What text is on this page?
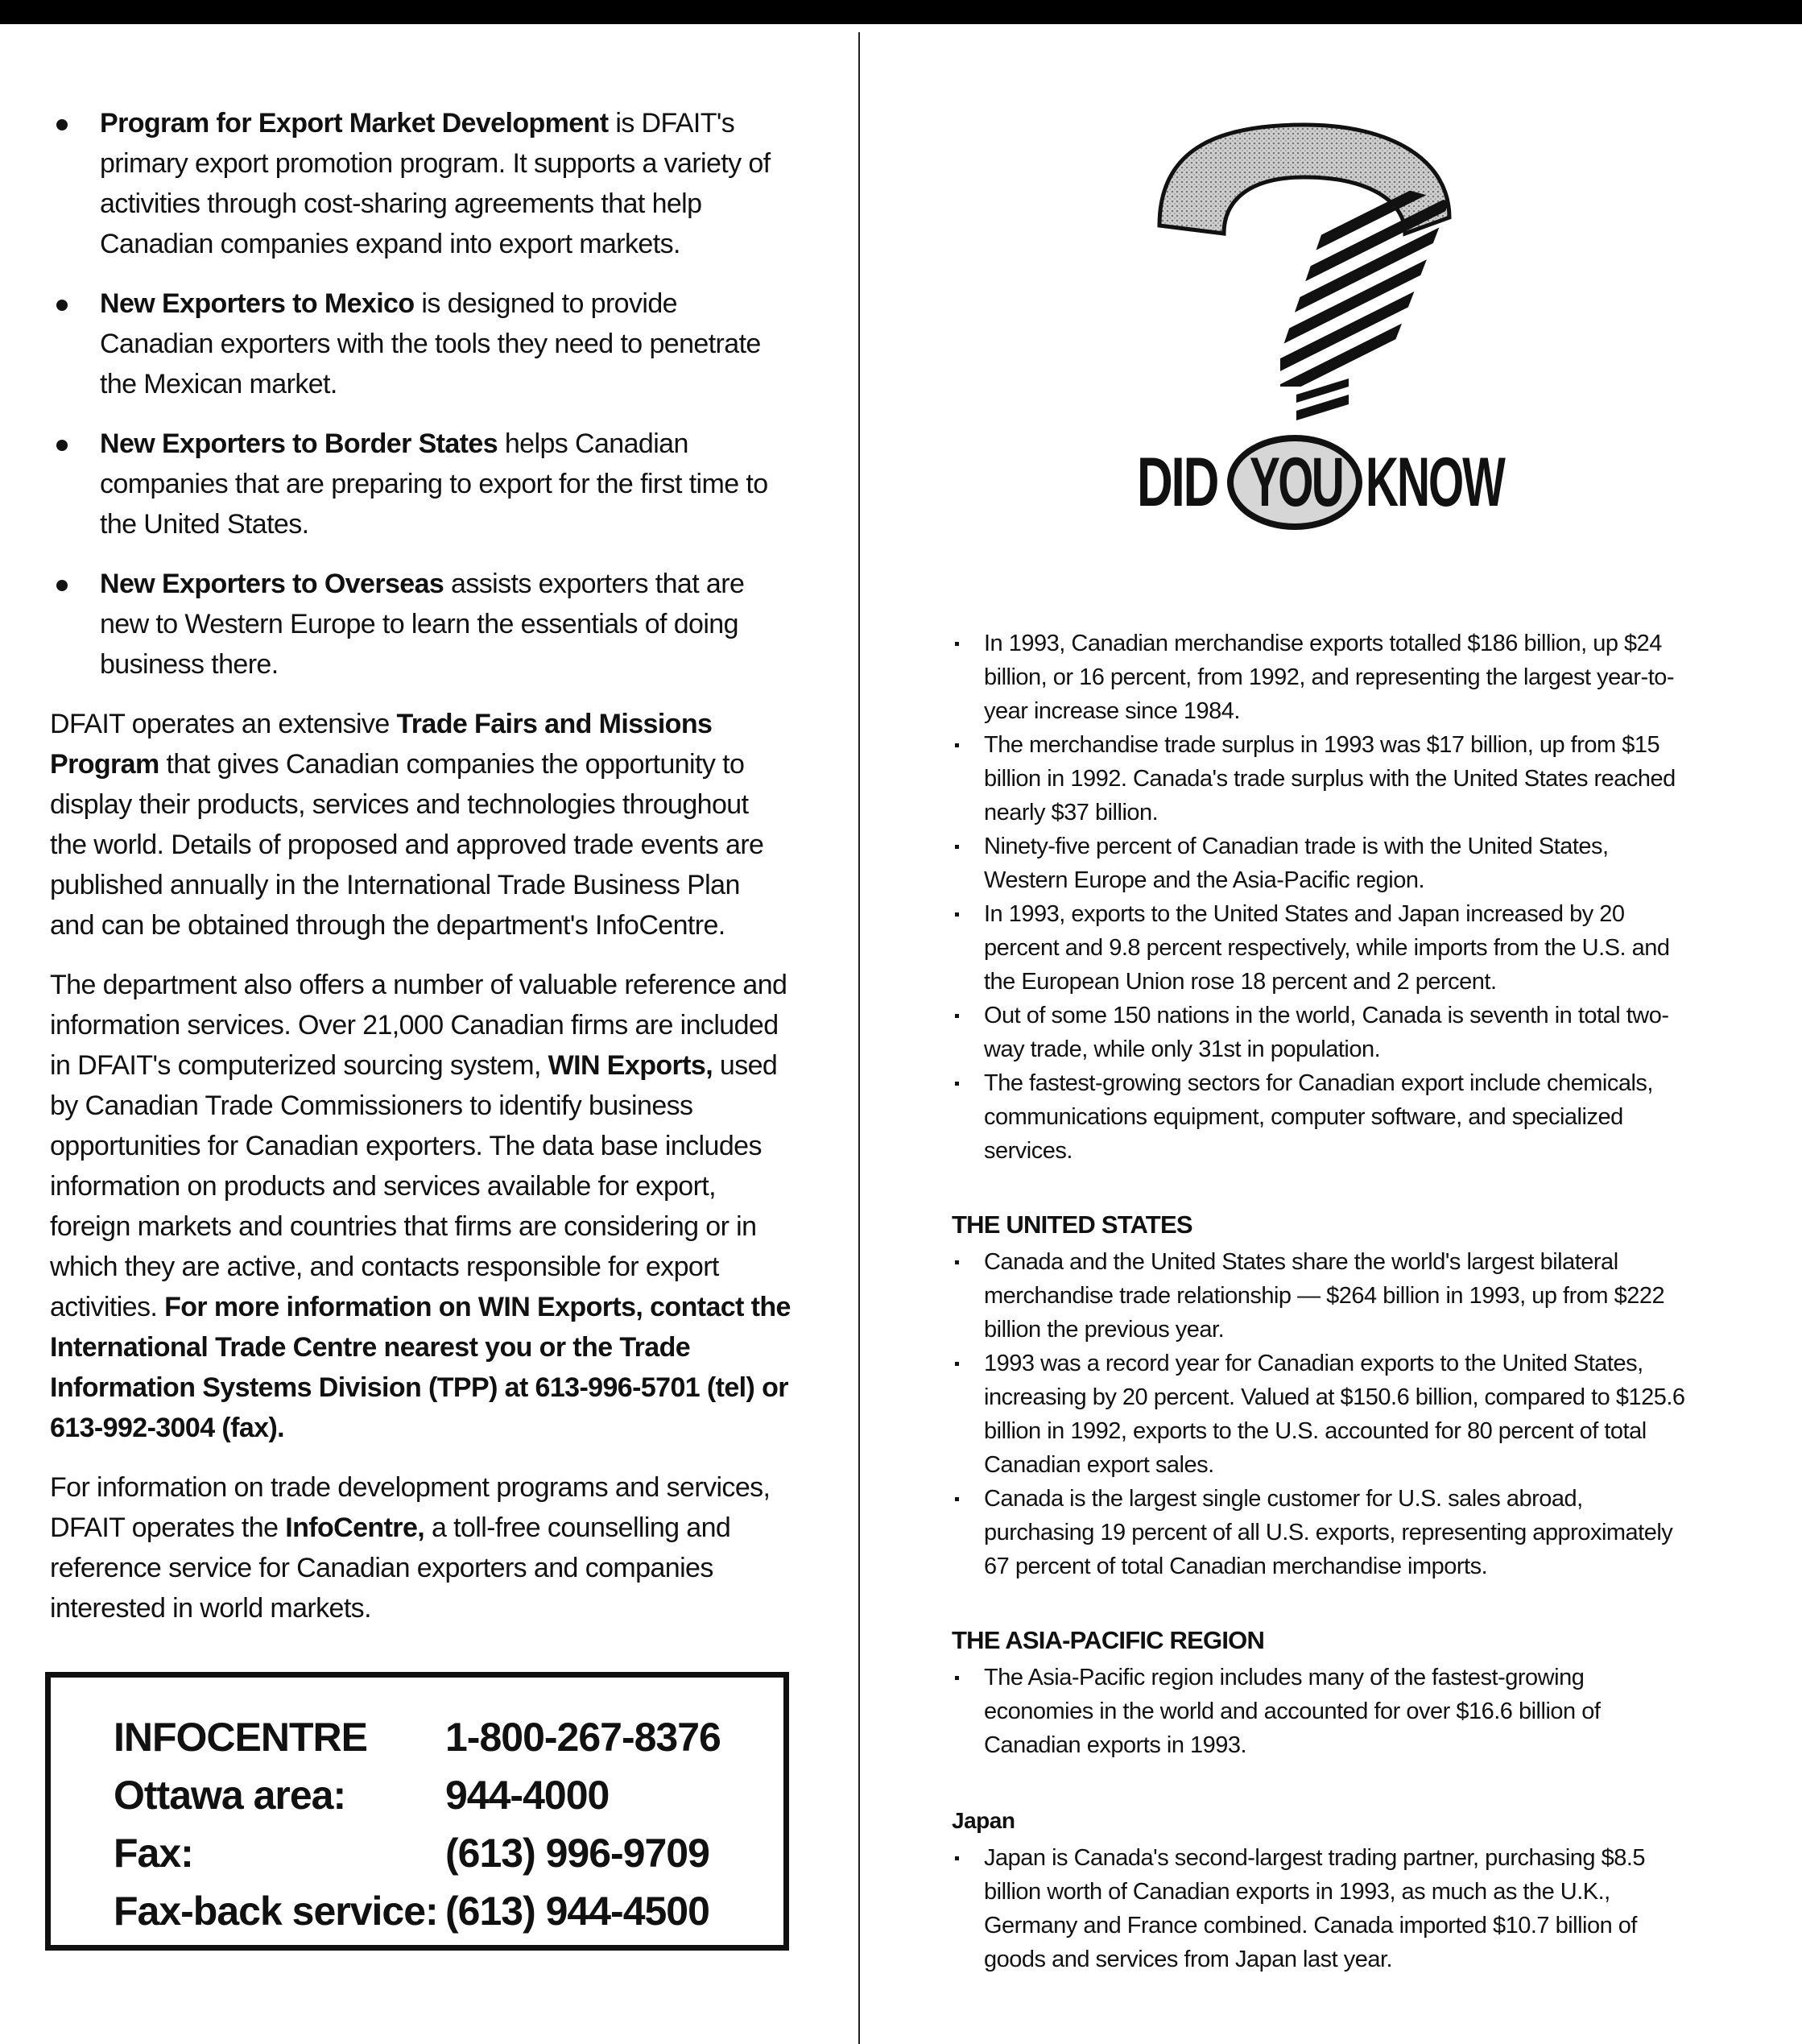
Program for Export Market Development is DFAIT's primary export promotion program. It supports a variety of activities through cost-sharing agreements that help Canadian companies expand into export markets.
New Exporters to Mexico is designed to provide Canadian exporters with the tools they need to penetrate the Mexican market.
New Exporters to Border States helps Canadian companies that are preparing to export for the first time to the United States.
New Exporters to Overseas assists exporters that are new to Western Europe to learn the essentials of doing business there.

DFAIT operates an extensive Trade Fairs and Missions Program that gives Canadian companies the opportunity to display their products, services and technologies throughout the world. Details of proposed and approved trade events are published annually in the International Trade Business Plan and can be obtained through the department's InfoCentre.

The department also offers a number of valuable reference and information services. Over 21,000 Canadian firms are included in DFAIT's computerized sourcing system, WIN Exports, used by Canadian Trade Commissioners to identify business opportunities for Canadian exporters. The data base includes information on products and services available for export, foreign markets and countries that firms are considering or in which they are active, and contacts responsible for export activities. For more information on WIN Exports, contact the International Trade Centre nearest you or the Trade Information Systems Division (TPP) at 613-996-5701 (tel) or 613-992-3004 (fax).

For information on trade development programs and services, DFAIT operates the InfoCentre, a toll-free counselling and reference service for Canadian exporters and companies interested in world markets.

INFOCENTRE	1-800-267-8376
Ottawa area:	944-4000
Fax:	(613) 996-9709
Fax-back service:	(613) 944-4500
DID YOU KNOW
In 1993, Canadian merchandise exports totalled $186 billion, up $24 billion, or 16 percent, from 1992, and representing the largest year-to-year increase since 1984.
The merchandise trade surplus in 1993 was $17 billion, up from $15 billion in 1992. Canada's trade surplus with the United States reached nearly $37 billion.
Ninety-five percent of Canadian trade is with the United States, Western Europe and the Asia-Pacific region.
In 1993, exports to the United States and Japan increased by 20 percent and 9.8 percent respectively, while imports from the U.S. and the European Union rose 18 percent and 2 percent.
Out of some 150 nations in the world, Canada is seventh in total two-way trade, while only 31st in population.
The fastest-growing sectors for Canadian export include chemicals, communications equipment, computer software, and specialized services.
THE UNITED STATES
Canada and the United States share the world's largest bilateral merchandise trade relationship — $264 billion in 1993, up from $222 billion the previous year.
1993 was a record year for Canadian exports to the United States, increasing by 20 percent. Valued at $150.6 billion, compared to $125.6 billion in 1992, exports to the U.S. accounted for 80 percent of total Canadian export sales.
Canada is the largest single customer for U.S. sales abroad, purchasing 19 percent of all U.S. exports, representing approximately 67 percent of total Canadian merchandise imports.
THE ASIA-PACIFIC REGION
The Asia-Pacific region includes many of the fastest-growing economies in the world and accounted for over $16.6 billion of Canadian exports in 1993.
Japan
Japan is Canada's second-largest trading partner, purchasing $8.5 billion worth of Canadian exports in 1993, as much as the U.K., Germany and France combined. Canada imported $10.7 billion of goods and services from Japan last year.
